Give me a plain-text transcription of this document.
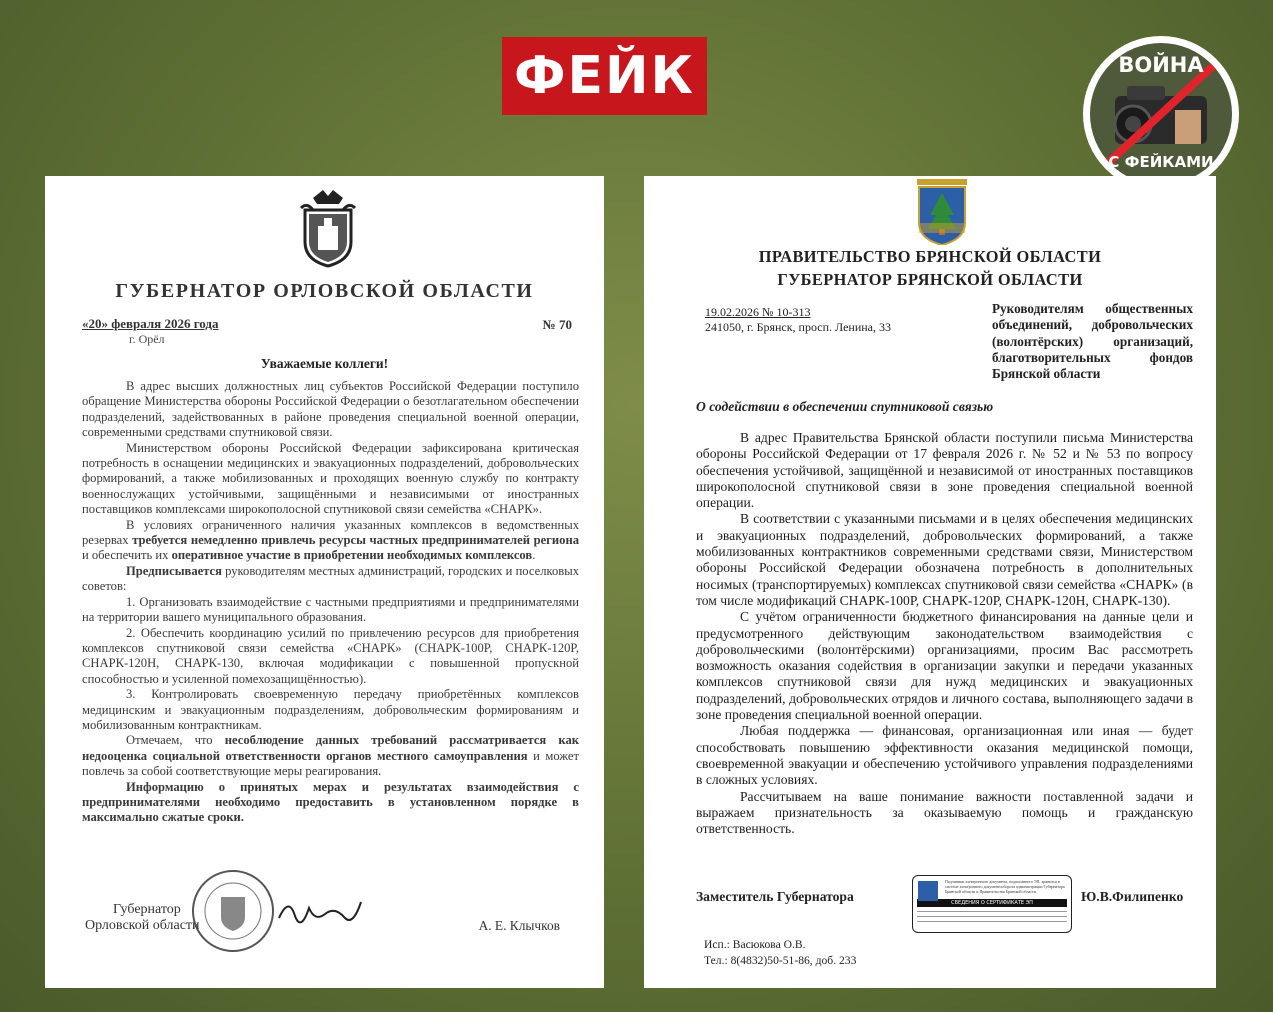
ФЕЙК	ВОЙНА
С ФЕЙКАМИ
ГУБЕРНАТОР ОРЛОВСКОЙ ОБЛАСТИ
«20» февраля 2026 года
г. Орёл
№ 70
Уважаемые коллеги!

В адрес высших должностных лиц субъектов Российской Федерации поступило обращение Министерства обороны Российской Федерации о безотлагательном обеспечении подразделений, задействованных в районе проведения специальной военной операции, современными средствами спутниковой связи.

Министерством обороны Российской Федерации зафиксирована критическая потребность в оснащении медицинских и эвакуационных подразделений, добровольческих формирований, а также мобилизованных и проходящих военную службу по контракту военнослужащих устойчивыми, защищёнными и независимыми от иностранных поставщиков комплексами широкополосной спутниковой связи семейства «СНАРК».

В условиях ограниченного наличия указанных комплексов в ведомственных резервах требуется немедленно привлечь ресурсы частных предпринимателей региона и обеспечить их оперативное участие в приобретении необходимых комплексов.

Предписывается руководителям местных администраций, городских и поселковых советов:

1. Организовать взаимодействие с частными предприятиями и предпринимателями на территории вашего муниципального образования.

2. Обеспечить координацию усилий по привлечению ресурсов для приобретения комплексов спутниковой связи семейства «СНАРК» (СНАРК-100Р, СНАРК-120Р, СНАРК-120Н, СНАРК-130, включая модификации с повышенной пропускной способностью и усиленной помехозащищённостью).

3. Контролировать своевременную передачу приобретённых комплексов медицинским и эвакуационным подразделениям, добровольческим формированиям и мобилизованным контрактникам.

Отмечаем, что несоблюдение данных требований рассматривается как недооценка социальной ответственности органов местного самоуправления и может повлечь за собой соответствующие меры реагирования.

Информацию о принятых мерах и результатах взаимодействия с предпринимателями необходимо предоставить в установленном порядке в максимально сжатые сроки.

Губернатор
Орловской области	А. Е. Клычков
ПРАВИТЕЛЬСТВО БРЯНСКОЙ ОБЛАСТИ
ГУБЕРНАТОР БРЯНСКОЙ ОБЛАСТИ
19.02.2026 № 10-313
241050, г. Брянск, просп. Ленина, 33
Руководителям общественных объединений, добровольческих (волонтёрских) организаций, благотворительных фондов Брянской области
О содействии в обеспечении спутниковой связью

В адрес Правительства Брянской области поступили письма Министерства обороны Российской Федерации от 17 февраля 2026 г. № 52 и № 53 по вопросу обеспечения устойчивой, защищённой и независимой от иностранных поставщиков широкополосной спутниковой связи в зоне проведения специальной военной операции.

В соответствии с указанными письмами и в целях обеспечения медицинских и эвакуационных подразделений, добровольческих формирований, а также мобилизованных контрактников современными средствами связи, Министерством обороны Российской Федерации обозначена потребность в дополнительных носимых (транспортируемых) комплексах спутниковой связи семейства «СНАРК» (в том числе модификаций СНАРК-100Р, СНАРК-120Р, СНАРК-120Н, СНАРК-130).

С учётом ограниченности бюджетного финансирования на данные цели и предусмотренного действующим законодательством взаимодействия с добровольческими (волонтёрскими) организациями, просим Вас рассмотреть возможность оказания содействия в организации закупки и передачи указанных комплексов спутниковой связи для нужд медицинских и эвакуационных подразделений, добровольческих отрядов и личного состава, выполняющего задачи в зоне проведения специальной военной операции.

Любая поддержка — финансовая, организационная или иная — будет способствовать повышению эффективности оказания медицинской помощи, своевременной эвакуации и обеспечению устойчивого управления подразделениями в сложных условиях.

Рассчитываем на ваше понимание важности поставленной задачи и выражаем признательность за оказываемую помощь и гражданскую ответственность.

Заместитель Губернатора
Подлинник электронного документа, подписанного ЭП, хранится в системе электронного документооборота администрации Губернатора Брянской области и Правительства Брянской области
СВЕДЕНИЯ О СЕРТИФИКАТЕ ЭП	Ю.В.Филипенко
Исп.: Васюкова О.В.
Тел.: 8(4832)50-51-86, доб. 233
